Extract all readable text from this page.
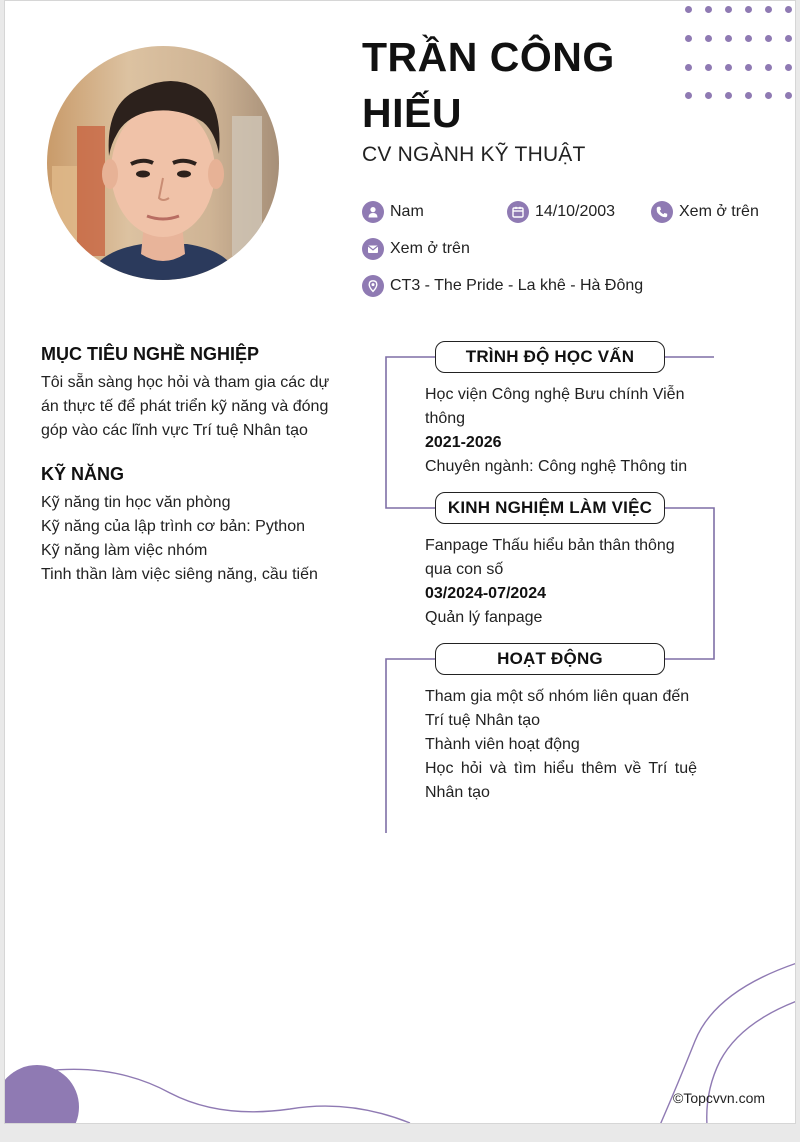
TRẦN CÔNG HIẾU
CV NGÀNH KỸ THUẬT
Nam	14/10/2003	Xem ở trên
Xem ở trên
CT3 - The Pride - La khê - Hà Đông
MỤC TIÊU NGHỀ NGHIỆP

Tôi sẵn sàng học hỏi và tham gia các dự án thực tế để phát triển kỹ năng và đóng góp vào các lĩnh vực Trí tuệ Nhân tạo

KỸ NĂNG

Kỹ năng tin học văn phòng

Kỹ năng của lập trình cơ bản: Python

Kỹ năng làm việc nhóm

Tinh thần làm việc siêng năng, cầu tiến

TRÌNH ĐỘ HỌC VẤN

Học viện Công nghệ Bưu chính Viễn thông

2021-2026

Chuyên ngành: Công nghệ Thông tin

KINH NGHIỆM LÀM VIỆC

Fanpage Thấu hiểu bản thân thông qua con số

03/2024-07/2024

Quản lý fanpage

HOẠT ĐỘNG

Tham gia một số nhóm liên quan đến Trí tuệ Nhân tạo

Thành viên hoạt động

Học hỏi và tìm hiểu thêm về Trí tuệ Nhân tạo

©Topcvvn.com
